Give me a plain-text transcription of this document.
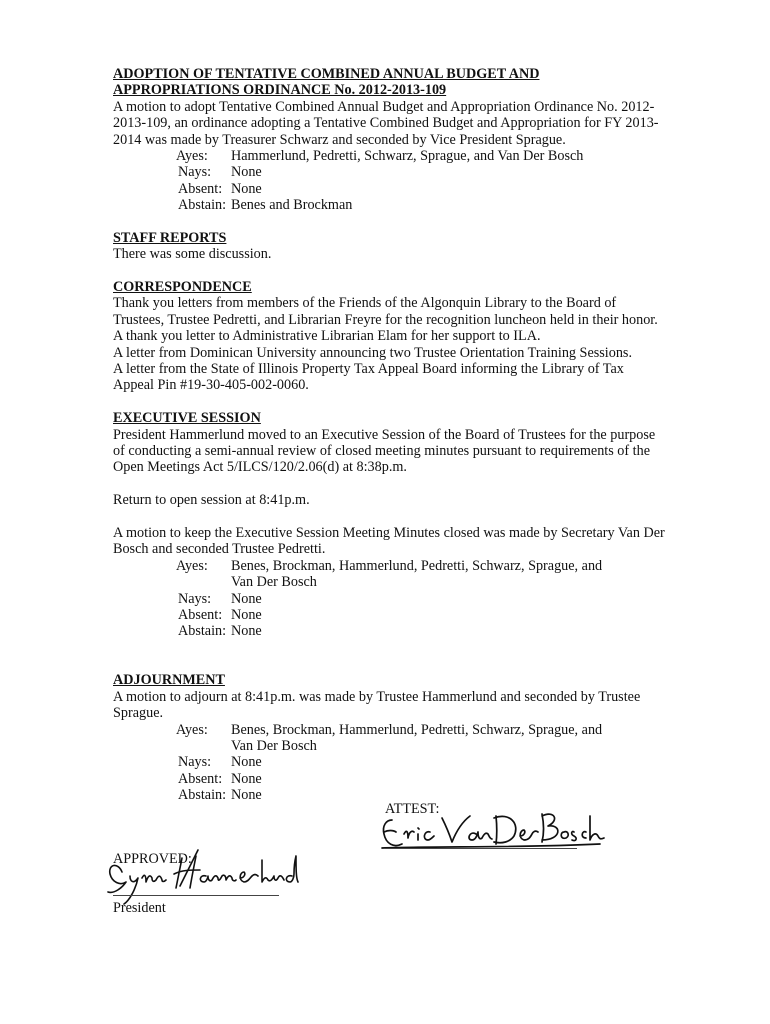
ADOPTION OF TENTATIVE COMBINED ANNUAL BUDGET AND
APPROPRIATIONS ORDINANCE No. 2012-2013-109
A motion to adopt Tentative Combined Annual Budget and Appropriation Ordinance No. 2012-
2013-109, an ordinance adopting a Tentative Combined Budget and Appropriation for FY 2013-
2014 was made by Treasurer Schwarz and seconded by Vice President Sprague.
Ayes:	Hammerlund, Pedretti, Schwarz, Sprague, and Van Der Bosch
Nays:	None
Absent: None
Abstain: Benes and Brockman
STAFF REPORTS
There was some discussion.
CORRESPONDENCE
Thank you letters from members of the Friends of the Algonquin Library to the Board of
Trustees, Trustee Pedretti, and Librarian Freyre for the recognition luncheon held in their honor.
A thank you letter to Administrative Librarian Elam for her support to ILA.
A letter from Dominican University announcing two Trustee Orientation Training Sessions.
A letter from the State of Illinois Property Tax Appeal Board informing the Library of Tax
Appeal Pin #19-30-405-002-0060.
EXECUTIVE SESSION
President Hammerlund moved to an Executive Session of the Board of Trustees for the purpose
of conducting a semi-annual review of closed meeting minutes pursuant to requirements of the
Open Meetings Act 5/ILCS/120/2.06(d) at 8:38p.m.
Return to open session at 8:41p.m.
A motion to keep the Executive Session Meeting Minutes closed was made by Secretary Van Der
Bosch and seconded Trustee Pedretti.
Ayes:	Benes, Brockman, Hammerlund, Pedretti, Schwarz, Sprague, and
Van Der Bosch
Nays:	None
Absent: None
Abstain: None
ADJOURNMENT
A motion to adjourn at 8:41p.m. was made by Trustee Hammerlund and seconded by Trustee
Sprague.
Ayes:	Benes, Brockman, Hammerlund, Pedretti, Schwarz, Sprague, and
Van Der Bosch
Nays:	None
Absent: None
Abstain: None
ATTEST:
APPROVED:
President
